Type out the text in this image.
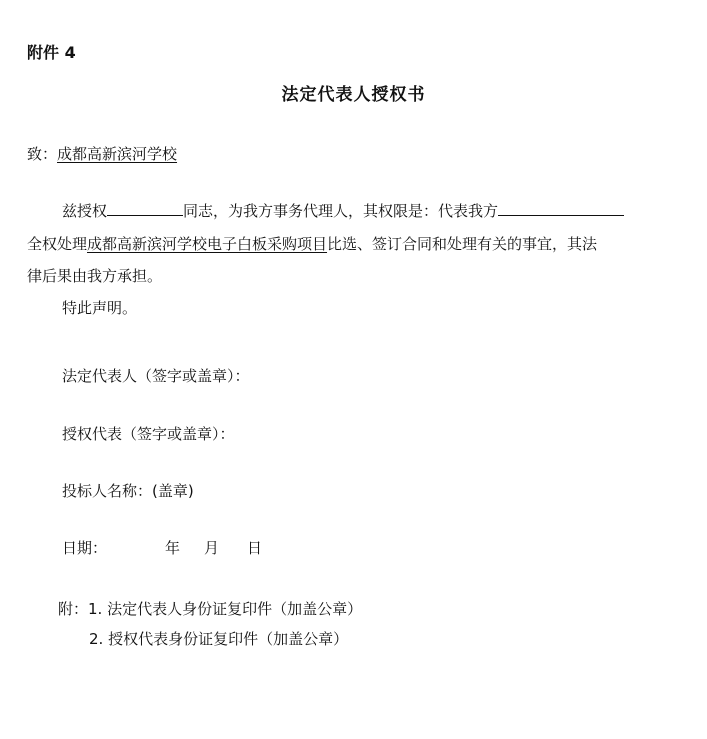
附件 4
法定代表人授权书
致：成都高新滨河学校
兹授权	同志，为我方事务代理人，其权限是：代表我方
全权处理成都高新滨河学校电子白板采购项目比选、签订合同和处理有关的事宜，其法
律后果由我方承担。
特此声明。
法定代表人（签字或盖章）：
授权代表（签字或盖章）：
投标人名称：(盖章)
日期：	年 月 日
附：1. 法定代表人身份证复印件（加盖公章）
2. 授权代表身份证复印件（加盖公章）
